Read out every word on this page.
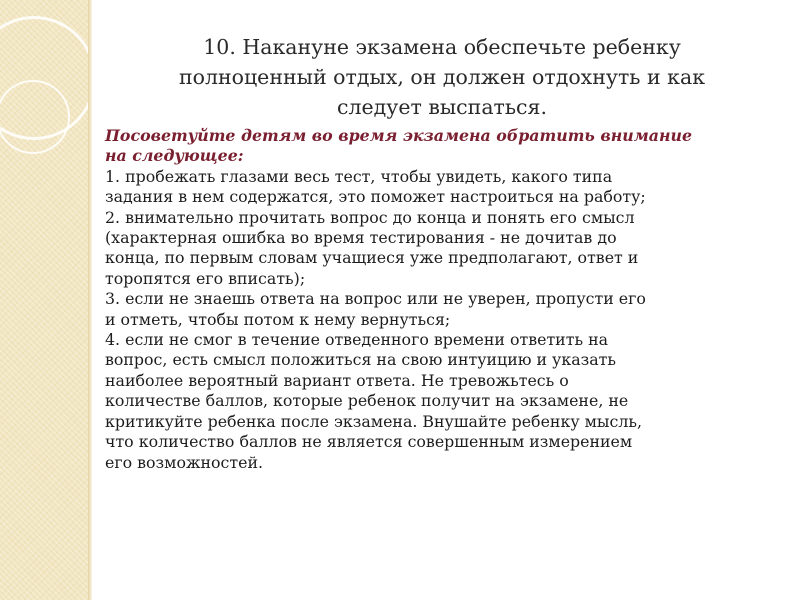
10. Накануне экзамена обеспечьте ребенку
полноценный отдых, он должен отдохнуть и как
следует выспаться.
Посоветуйте детям во время экзамена обратить внимание
на следующее:
1. пробежать глазами весь тест, чтобы увидеть, какого типа
задания в нем содержатся, это поможет настроиться на работу;
2. внимательно прочитать вопрос до конца и понять его смысл
(характерная ошибка во время тестирования - не дочитав до
конца, по первым словам учащиеся уже предполагают, ответ и
торопятся его вписать);
3. если не знаешь ответа на вопрос или не уверен, пропусти его
и отметь, чтобы потом к нему вернуться;
4. если не смог в течение отведенного времени ответить на
вопрос, есть смысл положиться на свою интуицию и указать
наиболее вероятный вариант ответа. Не тревожьтесь о
количестве баллов, которые ребенок получит на экзамене, не
критикуйте ребенка после экзамена. Внушайте ребенку мысль,
что количество баллов не является совершенным измерением
его возможностей.
